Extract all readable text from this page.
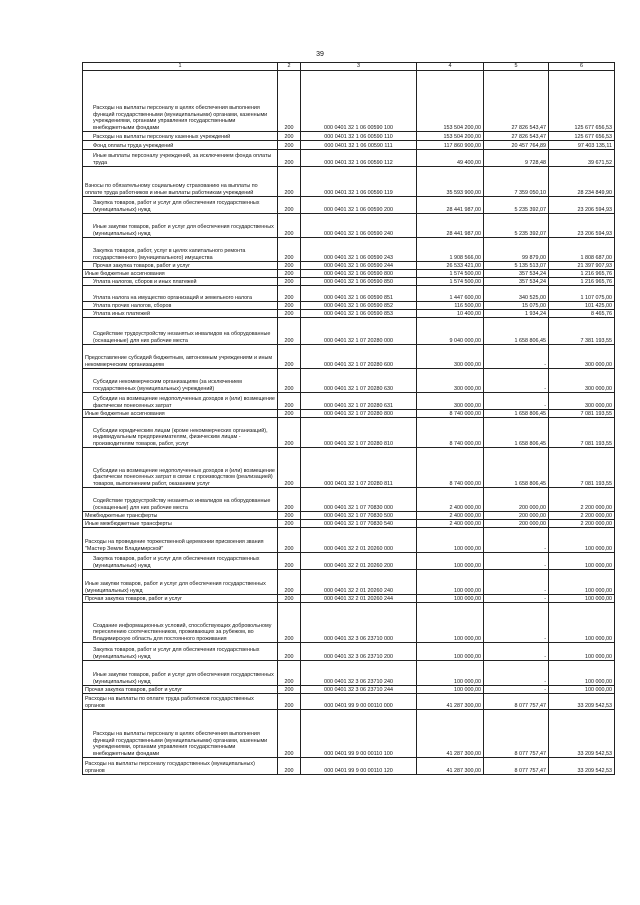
39
1	2	3	4	5	6

Расходы на выплаты персоналу в целях обеспечения выполнения функций государственными (муниципальными) органами, казенными учреждениями, органами управления государственными внебюджетными фондами	200	000 0401 32 1 06 00590 100	153 504 200,00	27 826 543,47	125 677 656,53

Расходы на выплаты персоналу казенных учреждений	200	000 0401 32 1 06 00590 110	153 504 200,00	27 826 543,47	125 677 656,53

Фонд оплаты труда учреждений	200	000 0401 32 1 06 00590 111	117 860 900,00	20 457 764,89	97 403 135,11

Иные выплаты персоналу учреждений, за исключением фонда оплаты труда	200	000 0401 32 1 06 00590 112	49 400,00	9 728,48	39 671,52
Взносы по обязательному социальному страхованию на выплаты по оплате труда работников и иные выплаты работникам учреждений	200	000 0401 32 1 06 00590 119	35 593 900,00	7 359 050,10	28 234 849,90

Закупка товаров, работ и услуг для обеспечения государственных (муниципальных) нужд	200	000 0401 32 1 06 00590 200	28 441 987,00	5 235 392,07	23 206 594,93

Иные закупки товаров, работ и услуг для обеспечения государственных (муниципальных) нужд	200	000 0401 32 1 06 00590 240	28 441 987,00	5 235 392,07	23 206 594,93

Закупка товаров, работ, услуг в целях капитального ремонта государственного (муниципального) имущества	200	000 0401 32 1 06 00590 243	1 908 566,00	99 879,00	1 808 687,00

Прочая закупка товаров, работ и услуг	200	000 0401 32 1 06 00590 244	26 533 421,00	5 135 513,07	21 397 907,93
Иные бюджетные ассигнования	200	000 0401 32 1 06 00590 800	1 574 500,00	357 534,24	1 216 965,76

Уплата налогов, сборов и иных платежей	200	000 0401 32 1 06 00590 850	1 574 500,00	357 534,24	1 216 965,76

Уплата налога на имущество организаций и земельного налога	200	000 0401 32 1 06 00590 851	1 447 600,00	340 525,00	1 107 075,00

Уплата прочих налогов, сборов	200	000 0401 32 1 06 00590 852	116 500,00	15 075,00	101 425,00

Уплата иных платежей	200	000 0401 32 1 06 00590 853	10 400,00	1 934,24	8 465,76

Содействие трудоустройству незанятых инвалидов на оборудованные (оснащенные) для них рабочие места	200	000 0401 32 1 07 20280 000	9 040 000,00	1 658 806,45	7 381 193,55
Предоставление субсидий бюджетным, автономным учреждениям и иным некоммерческим организациям	200	000 0401 32 1 07 20280 600	300 000,00	-	300 000,00

Субсидии некоммерческим организациям (за исключением государственных (муниципальных) учреждений)	200	000 0401 32 1 07 20280 630	300 000,00	-	300 000,00

Субсидии на возмещение недополученных доходов и (или) возмещение фактически понесенных затрат	200	000 0401 32 1 07 20280 631	300 000,00	-	300 000,00
Иные бюджетные ассигнования	200	000 0401 32 1 07 20280 800	8 740 000,00	1 658 806,45	7 081 193,55

Субсидии юридическим лицам (кроме некоммерческих организаций), индивидуальным предпринимателям, физическим лицам - производителям товаров, работ, услуг	200	000 0401 32 1 07 20280 810	8 740 000,00	1 658 806,45	7 081 193,55

Субсидии на возмещение недополученных доходов и (или) возмещение фактически понесенных затрат в связи с производством (реализацией) товаров, выполнением работ, оказанием услуг	200	000 0401 32 1 07 20280 811	8 740 000,00	1 658 806,45	7 081 193,55

Содействие трудоустройству незанятых инвалидов на оборудованные (оснащенные) для них рабочие места	200	000 0401 32 1 07 70830 000	2 400 000,00	200 000,00	2 200 000,00
Межбюджетные трансферты	200	000 0401 32 1 07 70830 500	2 400 000,00	200 000,00	2 200 000,00
Иные межбюджетные трансферты	200	000 0401 32 1 07 70830 540	2 400 000,00	200 000,00	2 200 000,00
Расходы на проведение торжественной церемонии присвоения звания "Мастер Земли Владимирской"	200	000 0401 32 2 01 20260 000	100 000,00	-	100 000,00

Закупка товаров, работ и услуг для обеспечения государственных (муниципальных) нужд	200	000 0401 32 2 01 20260 200	100 000,00	-	100 000,00
Иные закупки товаров, работ и услуг для обеспечения государственных (муниципальных) нужд	200	000 0401 32 2 01 20260 240	100 000,00	-	100 000,00
Прочая закупка товаров, работ и услуг	200	000 0401 32 2 01 20260 244	100 000,00	-	100 000,00

Создание информационных условий, способствующих добровольному переселению соотечественников, проживающих за рубежом, во Владимирскую область для постоянного проживания	200	000 0401 32 3 06 23710 000	100 000,00	-	100 000,00

Закупка товаров, работ и услуг для обеспечения государственных (муниципальных) нужд	200	000 0401 32 3 06 23710 200	100 000,00	-	100 000,00

Иные закупки товаров, работ и услуг для обеспечения государственных (муниципальных) нужд	200	000 0401 32 3 06 23710 240	100 000,00	-	100 000,00
Прочая закупка товаров, работ и услуг	200	000 0401 32 3 06 23710 244	100 000,00	-	100 000,00
Расходы на выплаты по оплате труда работников государственных органов	200	000 0401 99 9 00 00110 000	41 287 300,00	8 077 757,47	33 209 542,53

Расходы на выплаты персоналу в целях обеспечения выполнения функций государственными (муниципальными) органами, казенными учреждениями, органами управления государственными внебюджетными фондами	200	000 0401 99 9 00 00110 100	41 287 300,00	8 077 757,47	33 209 542,53
Расходы на выплаты персоналу государственных (муниципальных) органов	200	000 0401 99 9 00 00110 120	41 287 300,00	8 077 757,47	33 209 542,53
